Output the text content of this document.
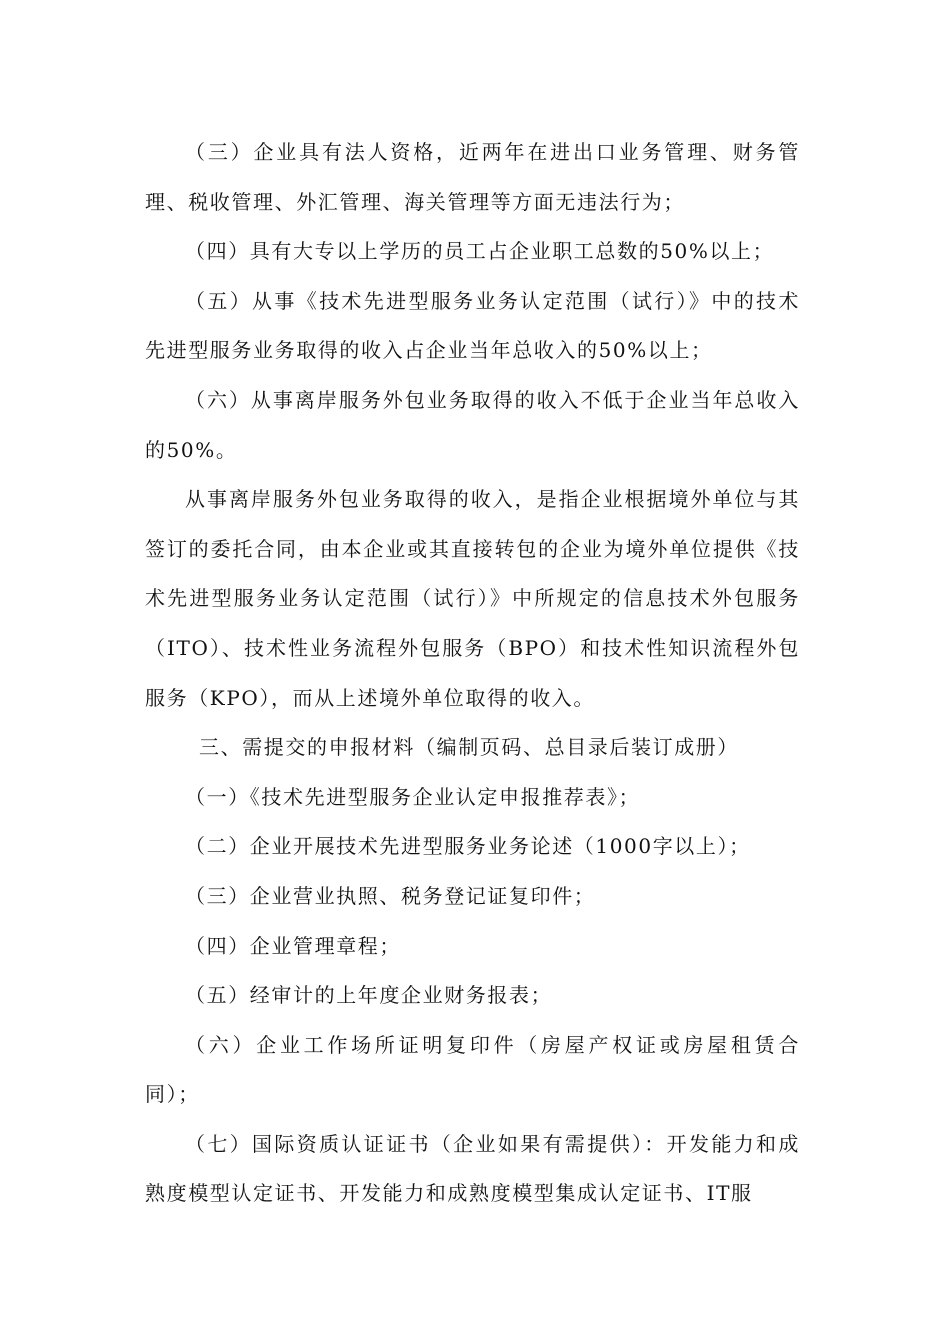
（三）企业具有法人资格，近两年在进出口业务管理、财务管理、税收管理、外汇管理、海关管理等方面无违法行为；

（四）具有大专以上学历的员工占企业职工总数的50%以上；

（五）从事《技术先进型服务业务认定范围（试行）》中的技术先进型服务业务取得的收入占企业当年总收入的50%以上；

（六）从事离岸服务外包业务取得的收入不低于企业当年总收入的50%。

从事离岸服务外包业务取得的收入，是指企业根据境外单位与其签订的委托合同，由本企业或其直接转包的企业为境外单位提供《技术先进型服务业务认定范围（试行）》中所规定的信息技术外包服务（ITO）、技术性业务流程外包服务（BPO）和技术性知识流程外包服务（KPO），而从上述境外单位取得的收入。

三、需提交的申报材料（编制页码、总目录后装订成册）

（一）《技术先进型服务企业认定申报推荐表》；

（二）企业开展技术先进型服务业务论述（1000字以上）；

（三）企业营业执照、税务登记证复印件；

（四）企业管理章程；

（五）经审计的上年度企业财务报表；

（六）企业工作场所证明复印件（房屋产权证或房屋租赁合同）；

（七）国际资质认证证书（企业如果有需提供）：开发能力和成熟度模型认定证书、开发能力和成熟度模型集成认定证书、IT服
